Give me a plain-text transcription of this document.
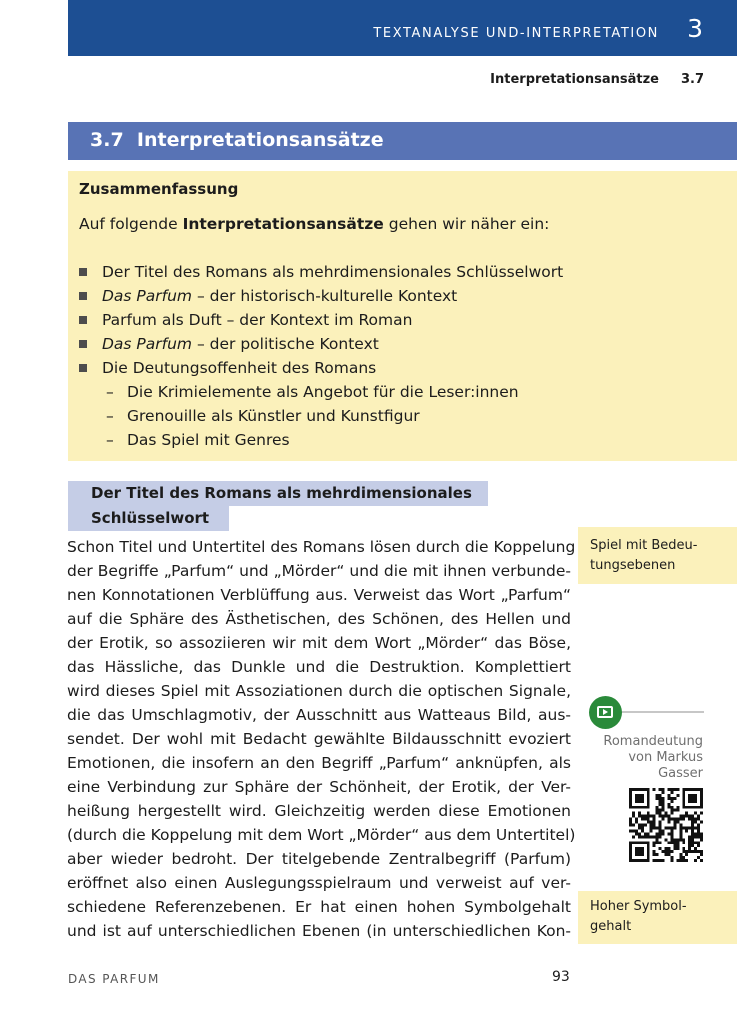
TEXTANALYSE UND-INTERPRETATION 3
Interpretationsansätze 3.7
3.7 Interpretationsansätze
Zusammenfassung
Auf folgende Interpretationsansätze gehen wir näher ein:
Der Titel des Romans als mehrdimensionales Schlüsselwort
Das Parfum – der historisch-kulturelle Kontext
Parfum als Duft – der Kontext im Roman
Das Parfum – der politische Kontext
Die Deutungsoffenheit des Romans
– Die Krimielemente als Angebot für die Leser:innen
– Grenouille als Künstler und Kunstfigur
– Das Spiel mit Genres
Der Titel des Romans als mehrdimensionales
Schlüsselwort
Schon Titel und Untertitel des Romans lösen durch die Koppelung
der Begriffe „Parfum“ und „Mörder“ und die mit ihnen verbunde-
nen Konnotationen Verblüffung aus. Verweist das Wort „Parfum“
auf die Sphäre des Ästhetischen, des Schönen, des Hellen und
der Erotik, so assoziieren wir mit dem Wort „Mörder“ das Böse,
das Hässliche, das Dunkle und die Destruktion. Komplettiert
wird dieses Spiel mit Assoziationen durch die optischen Signale,
die das Umschlagmotiv, der Ausschnitt aus Watteaus Bild, aus-
sendet. Der wohl mit Bedacht gewählte Bildausschnitt evoziert
Emotionen, die insofern an den Begriff „Parfum“ anknüpfen, als
eine Verbindung zur Sphäre der Schönheit, der Erotik, der Ver-
heißung hergestellt wird. Gleichzeitig werden diese Emotionen
(durch die Koppelung mit dem Wort „Mörder“ aus dem Untertitel)
aber wieder bedroht. Der titelgebende Zentralbegriff (Parfum)
eröffnet also einen Auslegungsspielraum und verweist auf ver-
schiedene Referenzebenen. Er hat einen hohen Symbolgehalt
und ist auf unterschiedlichen Ebenen (in unterschiedlichen Kon-
Spiel mit Bedeu-
tungsebenen
Romandeutung
von Markus
Gasser
Hoher Symbol-
gehalt
DAS PARFUM	93
